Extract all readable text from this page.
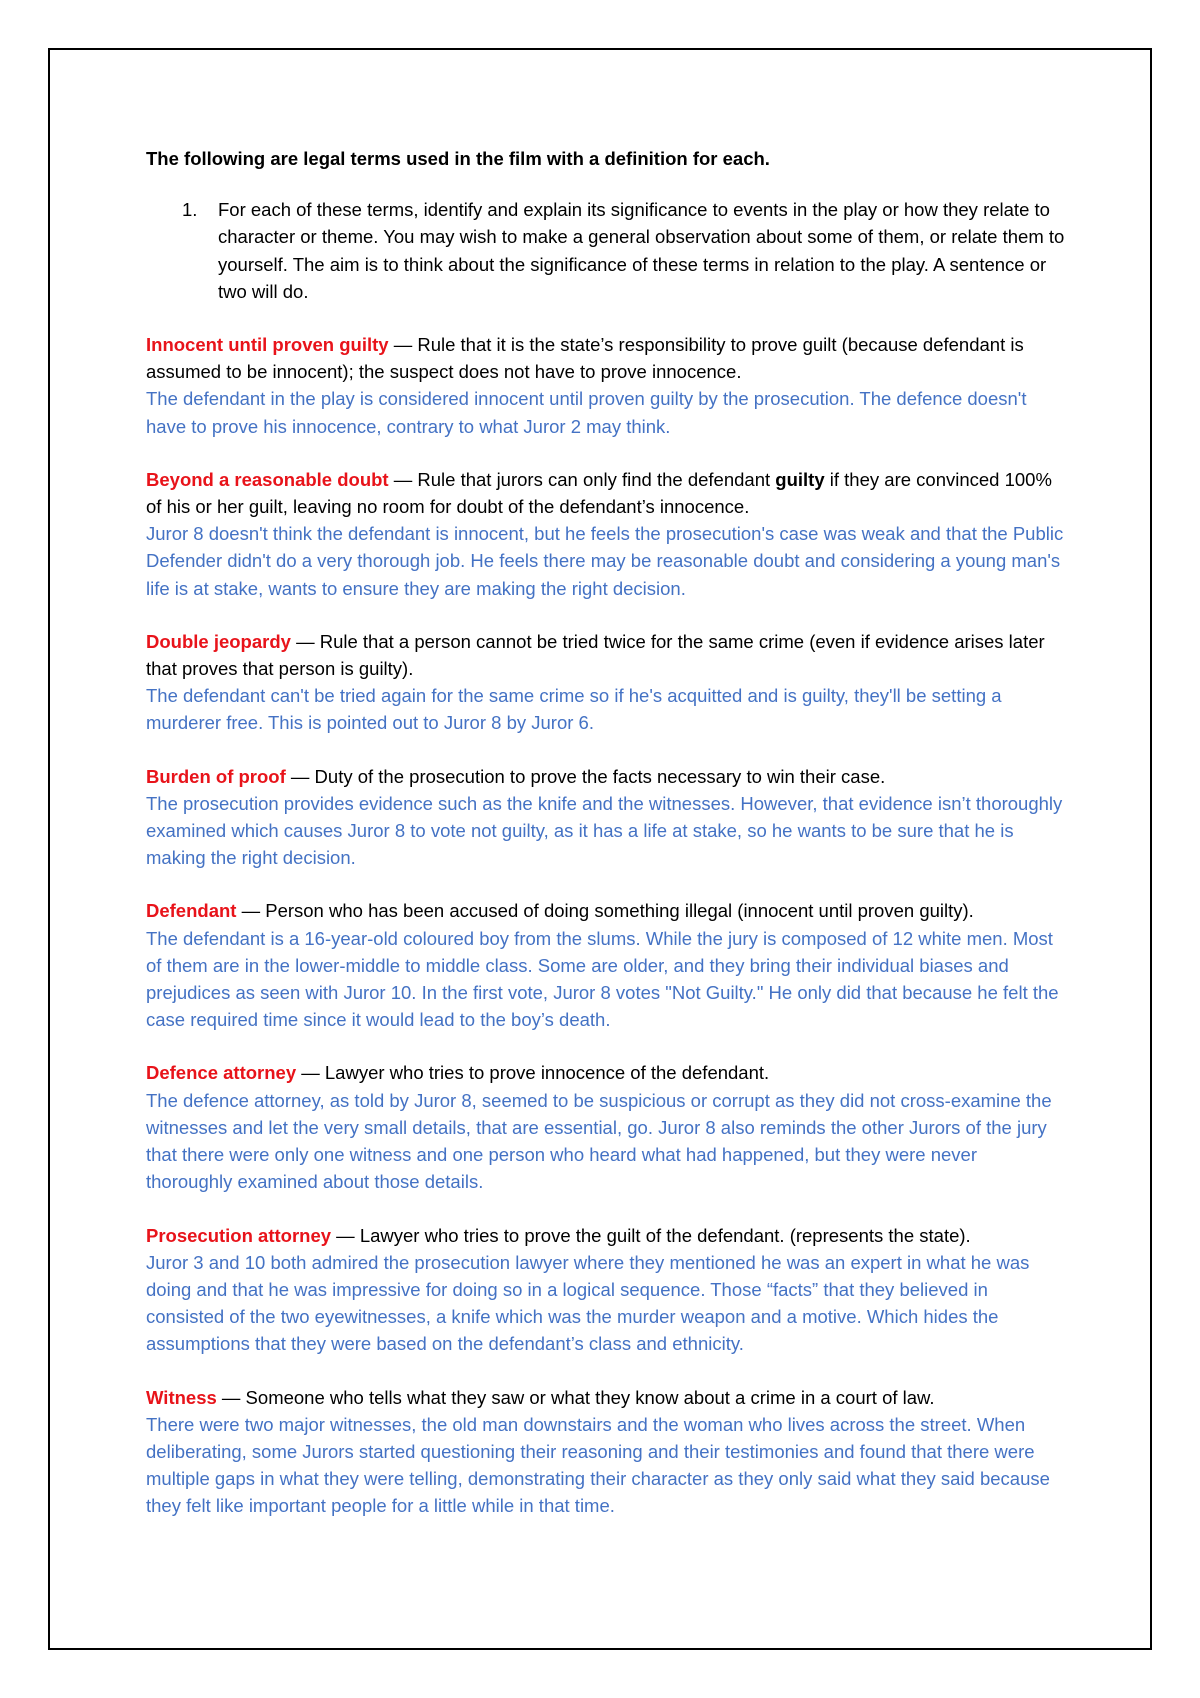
The following are legal terms used in the film with a definition for each.

1. For each of these terms, identify and explain its significance to events in the play or how they relate to character or theme. You may wish to make a general observation about some of them, or relate them to yourself. The aim is to think about the significance of these terms in relation to the play. A sentence or two will do.
Innocent until proven guilty — Rule that it is the state’s responsibility to prove guilt (because defendant is assumed to be innocent); the suspect does not have to prove innocence.
The defendant in the play is considered innocent until proven guilty by the prosecution. The defence doesn't have to prove his innocence, contrary to what Juror 2 may think.
Beyond a reasonable doubt — Rule that jurors can only find the defendant guilty if they are convinced 100% of his or her guilt, leaving no room for doubt of the defendant’s innocence.
Juror 8 doesn't think the defendant is innocent, but he feels the prosecution's case was weak and that the Public Defender didn't do a very thorough job. He feels there may be reasonable doubt and considering a young man's life is at stake, wants to ensure they are making the right decision.
Double jeopardy — Rule that a person cannot be tried twice for the same crime (even if evidence arises later that proves that person is guilty).
The defendant can't be tried again for the same crime so if he's acquitted and is guilty, they'll be setting a murderer free. This is pointed out to Juror 8 by Juror 6.
Burden of proof — Duty of the prosecution to prove the facts necessary to win their case.
The prosecution provides evidence such as the knife and the witnesses. However, that evidence isn’t thoroughly examined which causes Juror 8 to vote not guilty, as it has a life at stake, so he wants to be sure that he is making the right decision.
Defendant — Person who has been accused of doing something illegal (innocent until proven guilty).
The defendant is a 16-year-old coloured boy from the slums. While the jury is composed of 12 white men. Most of them are in the lower-middle to middle class. Some are older, and they bring their individual biases and prejudices as seen with Juror 10. In the first vote, Juror 8 votes "Not Guilty." He only did that because he felt the case required time since it would lead to the boy’s death.
Defence attorney — Lawyer who tries to prove innocence of the defendant.
The defence attorney, as told by Juror 8, seemed to be suspicious or corrupt as they did not cross-examine the witnesses and let the very small details, that are essential, go. Juror 8 also reminds the other Jurors of the jury that there were only one witness and one person who heard what had happened, but they were never thoroughly examined about those details.
Prosecution attorney — Lawyer who tries to prove the guilt of the defendant. (represents the state).
Juror 3 and 10 both admired the prosecution lawyer where they mentioned he was an expert in what he was doing and that he was impressive for doing so in a logical sequence. Those “facts” that they believed in consisted of the two eyewitnesses, a knife which was the murder weapon and a motive. Which hides the assumptions that they were based on the defendant’s class and ethnicity.
Witness — Someone who tells what they saw or what they know about a crime in a court of law.
There were two major witnesses, the old man downstairs and the woman who lives across the street. When deliberating, some Jurors started questioning their reasoning and their testimonies and found that there were multiple gaps in what they were telling, demonstrating their character as they only said what they said because they felt like important people for a little while in that time.
